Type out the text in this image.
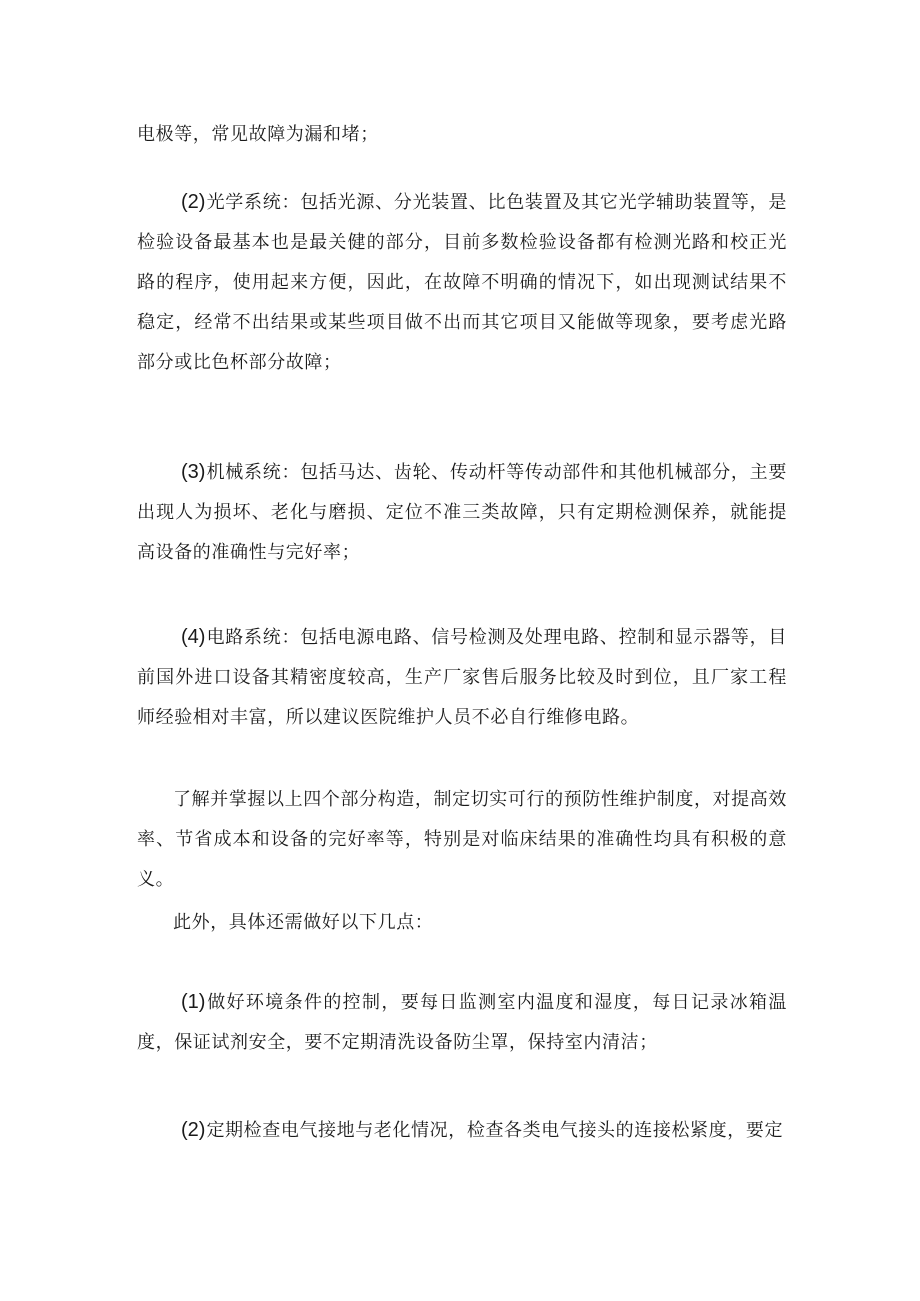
电极等，常见故障为漏和堵；

(2)光学系统：包括光源、分光装置、比色装置及其它光学辅助装置等，是检验设备最基本也是最关健的部分，目前多数检验设备都有检测光路和校正光路的程序，使用起来方便，因此，在故障不明确的情况下，如出现测试结果不稳定，经常不出结果或某些项目做不出而其它项目又能做等现象，要考虑光路部分或比色杯部分故障；

(3)机械系统：包括马达、齿轮、传动杆等传动部件和其他机械部分，主要出现人为损坏、老化与磨损、定位不准三类故障，只有定期检测保养，就能提高设备的准确性与完好率；

(4)电路系统：包括电源电路、信号检测及处理电路、控制和显示器等，目前国外进口设备其精密度较高，生产厂家售后服务比较及时到位，且厂家工程师经验相对丰富，所以建议医院维护人员不必自行维修电路。

了解并掌握以上四个部分构造，制定切实可行的预防性维护制度，对提高效率、节省成本和设备的完好率等，特别是对临床结果的准确性均具有积极的意义。

此外，具体还需做好以下几点：

(1)做好环境条件的控制，要每日监测室内温度和湿度，每日记录冰箱温度，保证试剂安全，要不定期清洗设备防尘罩，保持室内清洁；

(2)定期检查电气接地与老化情况，检查各类电气接头的连接松紧度，要定
